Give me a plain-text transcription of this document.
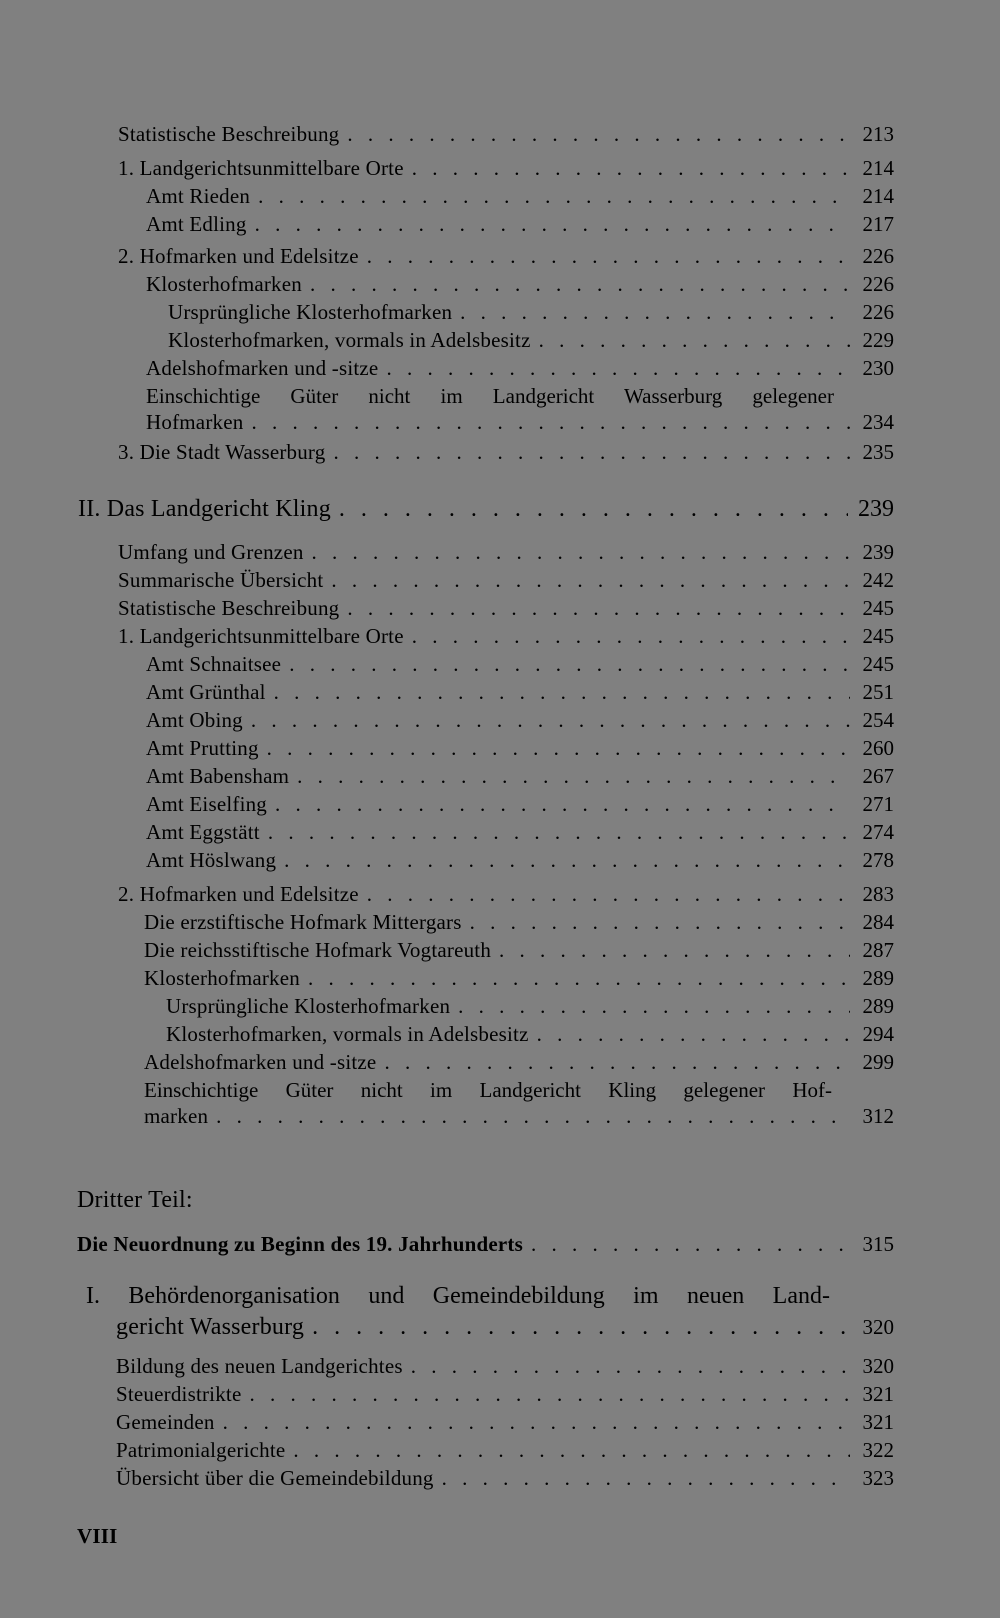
Statistische Beschreibung . . .	213
1. Landgerichtsunmittelbare Orte . . .	214
Amt Rieden . . .	214
Amt Edling . . .	217
2. Hofmarken und Edelsitze . . .	226
Klosterhofmarken . . .	226
Ursprüngliche Klosterhofmarken . . .	226
Klosterhofmarken, vormals in Adelsbesitz . . .	229
Adelshofmarken und -sitze . . .	230
Einschichtige Güter nicht im Landgericht Wasserburg gelegener
Hofmarken . . .	234
3. Die Stadt Wasserburg . . .	235
II. Das Landgericht Kling . . .	239
Umfang und Grenzen . . .	239
Summarische Übersicht . . .	242
Statistische Beschreibung . . .	245
1. Landgerichtsunmittelbare Orte . . .	245
Amt Schnaitsee . . .	245
Amt Grünthal . . .	251
Amt Obing . . .	254
Amt Prutting . . .	260
Amt Babensham . . .	267
Amt Eiselfing . . .	271
Amt Eggstätt . . .	274
Amt Höslwang . . .	278
2. Hofmarken und Edelsitze . . .	283
Die erzstiftische Hofmark Mittergars . . .	284
Die reichsstiftische Hofmark Vogtareuth . . .	287
Klosterhofmarken . . .	289
Ursprüngliche Klosterhofmarken . . .	289
Klosterhofmarken, vormals in Adelsbesitz . . .	294
Adelshofmarken und -sitze . . .	299
Einschichtige Güter nicht im Landgericht Kling gelegener Hof-
marken . . .	312
Dritter Teil:
Die Neuordnung zu Beginn des 19. Jahrhunderts . . .	315
I. Behördenorganisation und Gemeindebildung im neuen Land-
gericht Wasserburg . . .	320
Bildung des neuen Landgerichtes . . .	320
Steuerdistrikte . . .	321
Gemeinden . . .	321
Patrimonialgerichte . . .	322
Übersicht über die Gemeindebildung . . .	323
VIII
